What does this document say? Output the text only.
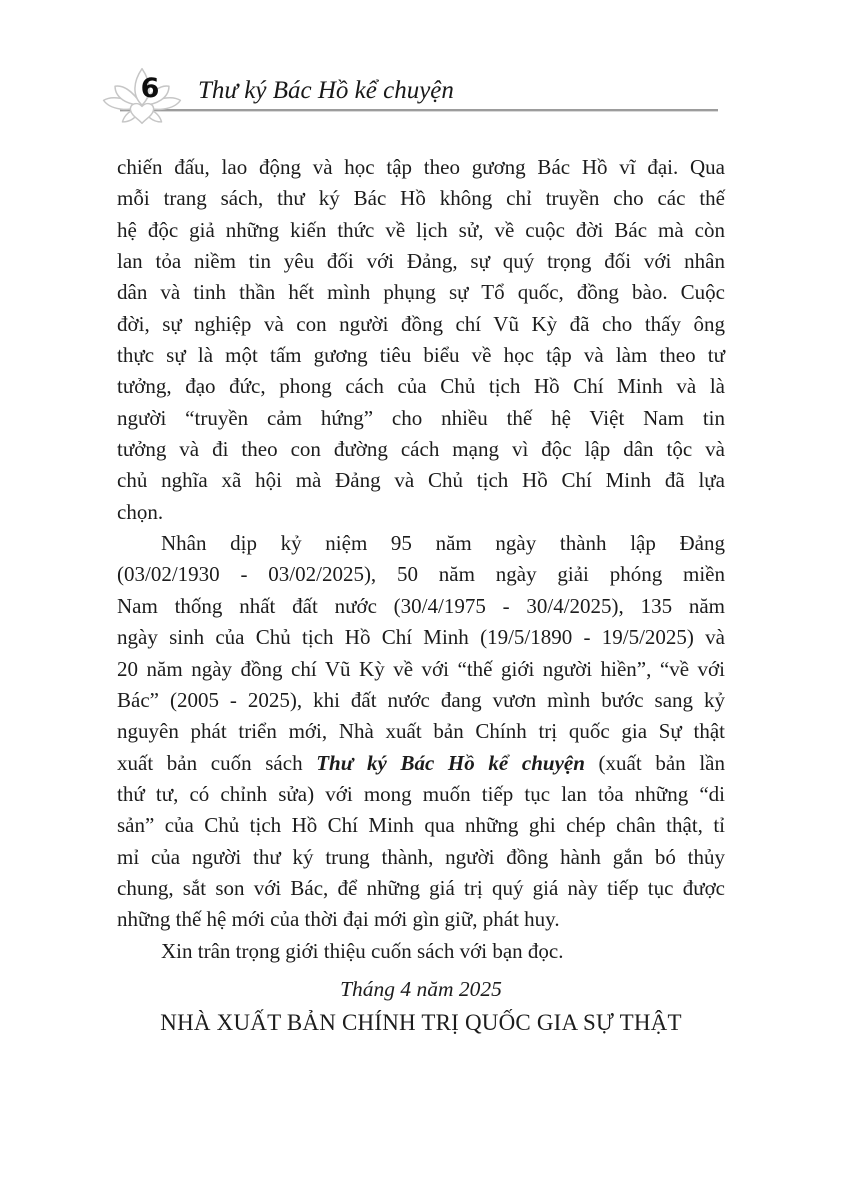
6 Thư ký Bác Hồ kể chuyện
chiến đấu, lao động và học tập theo gương Bác Hồ vĩ đại. Qua
mỗi trang sách, thư ký Bác Hồ không chỉ truyền cho các thế
hệ độc giả những kiến thức về lịch sử, về cuộc đời Bác mà còn
lan tỏa niềm tin yêu đối với Đảng, sự quý trọng đối với nhân
dân và tinh thần hết mình phụng sự Tổ quốc, đồng bào. Cuộc
đời, sự nghiệp và con người đồng chí Vũ Kỳ đã cho thấy ông
thực sự là một tấm gương tiêu biểu về học tập và làm theo tư
tưởng, đạo đức, phong cách của Chủ tịch Hồ Chí Minh và là
người “truyền cảm hứng” cho nhiều thế hệ Việt Nam tin
tưởng và đi theo con đường cách mạng vì độc lập dân tộc và
chủ nghĩa xã hội mà Đảng và Chủ tịch Hồ Chí Minh đã lựa
chọn.
Nhân dịp kỷ niệm 95 năm ngày thành lập Đảng
(03/02/1930 - 03/02/2025), 50 năm ngày giải phóng miền
Nam thống nhất đất nước (30/4/1975 - 30/4/2025), 135 năm
ngày sinh của Chủ tịch Hồ Chí Minh (19/5/1890 - 19/5/2025) và
20 năm ngày đồng chí Vũ Kỳ về với “thế giới người hiền”, “về với
Bác” (2005 - 2025), khi đất nước đang vươn mình bước sang kỷ
nguyên phát triển mới, Nhà xuất bản Chính trị quốc gia Sự thật
xuất bản cuốn sách Thư ký Bác Hồ kể chuyện (xuất bản lần
thứ tư, có chỉnh sửa) với mong muốn tiếp tục lan tỏa những “di
sản” của Chủ tịch Hồ Chí Minh qua những ghi chép chân thật, tỉ
mỉ của người thư ký trung thành, người đồng hành gắn bó thủy
chung, sắt son với Bác, để những giá trị quý giá này tiếp tục được
những thế hệ mới của thời đại mới gìn giữ, phát huy.
Xin trân trọng giới thiệu cuốn sách với bạn đọc.
Tháng 4 năm 2025
NHÀ XUẤT BẢN CHÍNH TRỊ QUỐC GIA SỰ THẬT
